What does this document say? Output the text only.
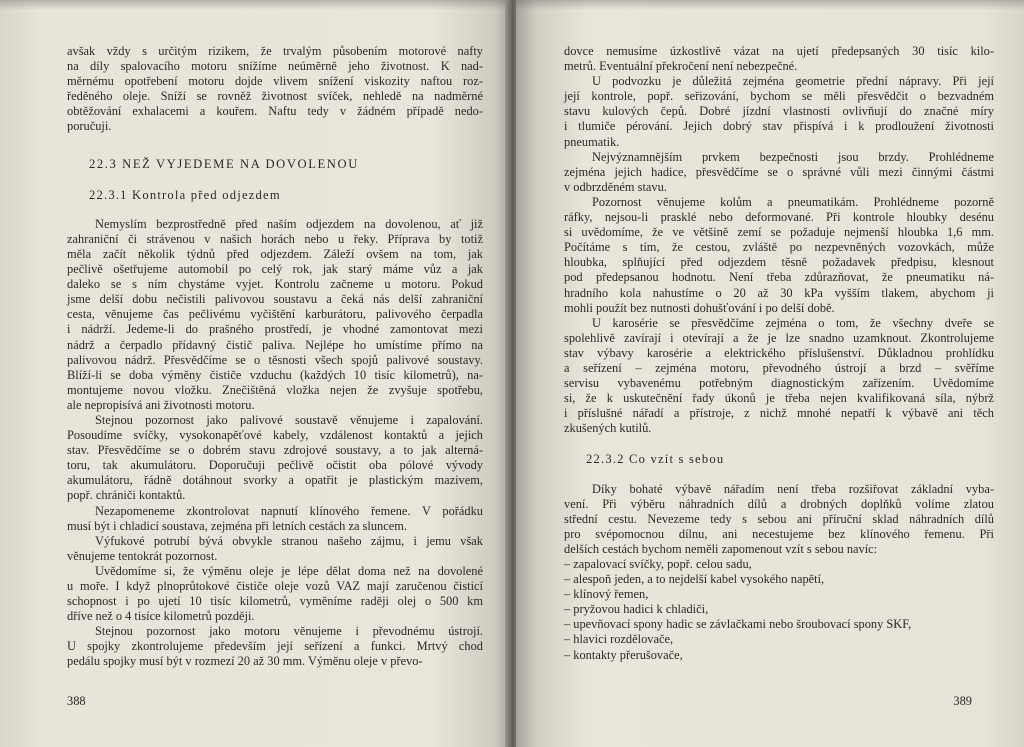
avšak vždy s určitým rizikem, že trvalým působením motorové nafty
na díly spalovacího motoru snížíme neúměrně jeho životnost. K nad-
měrnému opotřebení motoru dojde vlivem snížení viskozity naftou roz-
ředěného oleje. Sníží se rovněž životnost svíček, nehledě na nadměrné
obtěžování exhalacemi a kouřem. Naftu tedy v žádném případě nedo-
poručuji.
22.3 NEŽ VYJEDEME NA DOVOLENOU
22.3.1 Kontrola před odjezdem
Nemyslím bezprostředně před naším odjezdem na dovolenou, ať již
zahraniční či strávenou v našich horách nebo u řeky. Příprava by totiž
měla začít několik týdnů před odjezdem. Záleží ovšem na tom, jak
pečlivě ošetřujeme automobil po celý rok, jak starý máme vůz a jak
daleko se s ním chystáme vyjet. Kontrolu začneme u motoru. Pokud
jsme delší dobu nečistili palivovou soustavu a čeká nás delší zahraniční
cesta, věnujeme čas pečlivému vyčištění karburátoru, palivového čerpadla
i nádrží. Jedeme-li do prašného prostředí, je vhodné zamontovat mezi
nádrž a čerpadlo přídavný čistič paliva. Nejlépe ho umístíme přímo na
palivovou nádrž. Přesvědčíme se o těsnosti všech spojů palivové soustavy.
Blíží-li se doba výměny čističe vzduchu (každých 10 tisíc kilometrů), na-
montujeme novou vložku. Znečištěná vložka nejen že zvyšuje spotřebu,
ale nepropisívá ani životnosti motoru.
Stejnou pozornost jako palivové soustavě věnujeme i zapalování.
Posoudíme svíčky, vysokonapěťové kabely, vzdálenost kontaktů a jejich
stav. Přesvědčíme se o dobrém stavu zdrojové soustavy, a to jak alterná-
toru, tak akumulátoru. Doporučuji pečlivě očistit oba pólové vývody
akumulátoru, řádně dotáhnout svorky a opatřit je plastickým mazivem,
popř. chrániči kontaktů.
Nezapomeneme zkontrolovat napnutí klínového řemene. V pořádku
musí být i chladicí soustava, zejména při letních cestách za sluncem.
Výfukové potrubí bývá obvykle stranou našeho zájmu, i jemu však
věnujeme tentokrát pozornost.
Uvědomíme si, že výměnu oleje je lépe dělat doma než na dovolené
u moře. I když plnoprůtokové čističe oleje vozů VAZ mají zaručenou čisticí
schopnost i po ujetí 10 tisíc kilometrů, vyměníme raději olej o 500 km
dříve než o 4 tisíce kilometrů později.
Stejnou pozornost jako motoru věnujeme i převodnému ústrojí.
U spojky zkontrolujeme především její seřízení a funkci. Mrtvý chod
pedálu spojky musí být v rozmezí 20 až 30 mm. Výměnu oleje v převo-
388
dovce nemusíme úzkostlivě vázat na ujetí předepsaných 30 tisíc kilo-
metrů. Eventuální překročení není nebezpečné.
U podvozku je důležitá zejména geometrie přední nápravy. Při její
její kontrole, popř. seřizování, bychom se měli přesvědčit o bezvadném
stavu kulových čepů. Dobré jízdní vlastnosti ovlivňují do značné míry
i tlumiče pérování. Jejich dobrý stav přispívá i k prodloužení životnosti
pneumatik.
Nejvýznamnějším prvkem bezpečnosti jsou brzdy. Prohlédneme
zejména jejich hadice, přesvědčíme se o správné vůli mezi činnými částmi
v odbrzděném stavu.
Pozornost věnujeme kolům a pneumatikám. Prohlédneme pozorně
ráfky, nejsou-li prasklé nebo deformované. Při kontrole hloubky desénu
si uvědomíme, že ve většině zemí se požaduje nejmenší hloubka 1,6 mm.
Počítáme s tím, že cestou, zvláště po nezpevněných vozovkách, může
hloubka, splňující před odjezdem těsně požadavek předpisu, klesnout
pod předepsanou hodnotu. Není třeba zdůrazňovat, že pneumatiku ná-
hradního kola nahustíme o 20 až 30 kPa vyšším tlakem, abychom ji
mohli použít bez nutnosti dohušťování i po delší době.
U karosérie se přesvědčíme zejména o tom, že všechny dveře se
spolehlivě zavírají i otevírají a že je lze snadno uzamknout. Zkontrolujeme
stav výbavy karosérie a elektrického příslušenství. Důkladnou prohlídku
a seřízení – zejména motoru, převodného ústrojí a brzd – svěříme
servisu vybavenému potřebným diagnostickým zařízením. Uvědomíme
si, že k uskutečnění řady úkonů je třeba nejen kvalifikovaná síla, nýbrž
i příslušné nářadí a přístroje, z nichž mnohé nepatří k výbavě ani těch
zkušených kutilů.
22.3.2 Co vzít s sebou
Díky bohaté výbavě nářadím není třeba rozšiřovat základní vyba-
vení. Při výběru náhradních dílů a drobných doplňků volíme zlatou
střední cestu. Nevezeme tedy s sebou ani příruční sklad náhradních dílů
pro svépomocnou dílnu, ani necestujeme bez klínového řemenu. Při
delších cestách bychom neměli zapomenout vzít s sebou navíc:
– zapalovací svíčky, popř. celou sadu,
– alespoň jeden, a to nejdelší kabel vysokého napětí,
– klínový řemen,
– pryžovou hadici k chladiči,
– upevňovací spony hadic se závlačkami nebo šroubovací spony SKF,
– hlavici rozdělovače,
– kontakty přerušovače,
389
